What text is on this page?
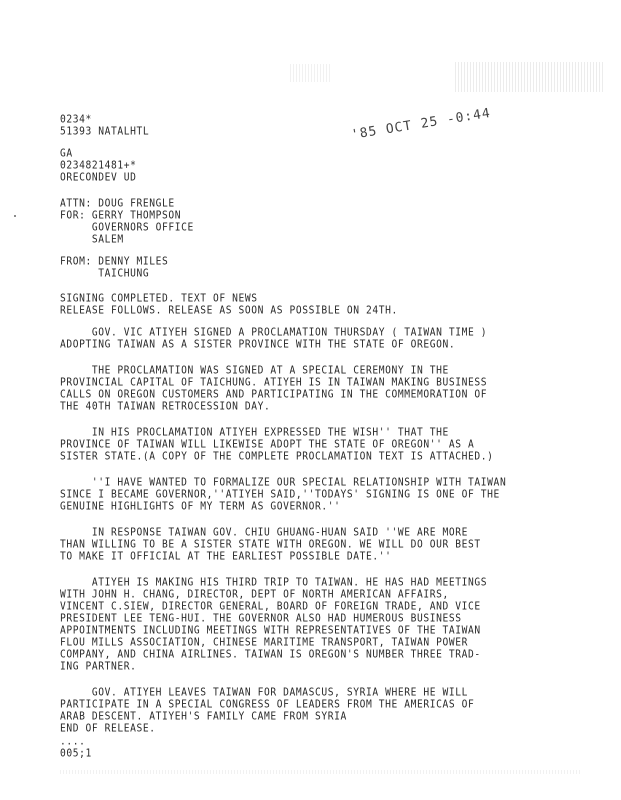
0234*
51393 NATALHTL
GA
0234821481+*
ORECONDEV UD
'85 OCT 25 -0:44
ATTN: DOUG FRENGLE
FOR: GERRY THOMPSON
GOVERNORS OFFICE
SALEM
FROM: DENNY MILES
TAICHUNG
SIGNING COMPLETED. TEXT OF NEWS
RELEASE FOLLOWS. RELEASE AS SOON AS POSSIBLE ON 24TH.
GOV. VIC ATIYEH SIGNED A PROCLAMATION THURSDAY ( TAIWAN TIME )
ADOPTING TAIWAN AS A SISTER PROVINCE WITH THE STATE OF OREGON.
THE PROCLAMATION WAS SIGNED AT A SPECIAL CEREMONY IN THE
PROVINCIAL CAPITAL OF TAICHUNG. ATIYEH IS IN TAIWAN MAKING BUSINESS
CALLS ON OREGON CUSTOMERS AND PARTICIPATING IN THE COMMEMORATION OF
THE 40TH TAIWAN RETROCESSION DAY.
IN HIS PROCLAMATION ATIYEH EXPRESSED THE WISH'' THAT THE
PROVINCE OF TAIWAN WILL LIKEWISE ADOPT THE STATE OF OREGON'' AS A
SISTER STATE.(A COPY OF THE COMPLETE PROCLAMATION TEXT IS ATTACHED.)
''I HAVE WANTED TO FORMALIZE OUR SPECIAL RELATIONSHIP WITH TAIWAN
SINCE I BECAME GOVERNOR,''ATIYEH SAID,''TODAYS' SIGNING IS ONE OF THE
GENUINE HIGHLIGHTS OF MY TERM AS GOVERNOR.''
IN RESPONSE TAIWAN GOV. CHIU GHUANG-HUAN SAID ''WE ARE MORE
THAN WILLING TO BE A SISTER STATE WITH OREGON. WE WILL DO OUR BEST
TO MAKE IT OFFICIAL AT THE EARLIEST POSSIBLE DATE.''
ATIYEH IS MAKING HIS THIRD TRIP TO TAIWAN. HE HAS HAD MEETINGS
WITH JOHN H. CHANG, DIRECTOR, DEPT OF NORTH AMERICAN AFFAIRS,
VINCENT C.SIEW, DIRECTOR GENERAL, BOARD OF FOREIGN TRADE, AND VICE
PRESIDENT LEE TENG-HUI. THE GOVERNOR ALSO HAD HUMEROUS BUSINESS
APPOINTMENTS INCLUDING MEETINGS WITH REPRESENTATIVES OF THE TAIWAN
FLOU MILLS ASSOCIATION, CHINESE MARITIME TRANSPORT, TAIWAN POWER
COMPANY, AND CHINA AIRLINES. TAIWAN IS OREGON'S NUMBER THREE TRAD-
ING PARTNER.
GOV. ATIYEH LEAVES TAIWAN FOR DAMASCUS, SYRIA WHERE HE WILL
PARTICIPATE IN A SPECIAL CONGRESS OF LEADERS FROM THE AMERICAS OF
ARAB DESCENT. ATIYEH'S FAMILY CAME FROM SYRIA
END OF RELEASE.
....
005;1
